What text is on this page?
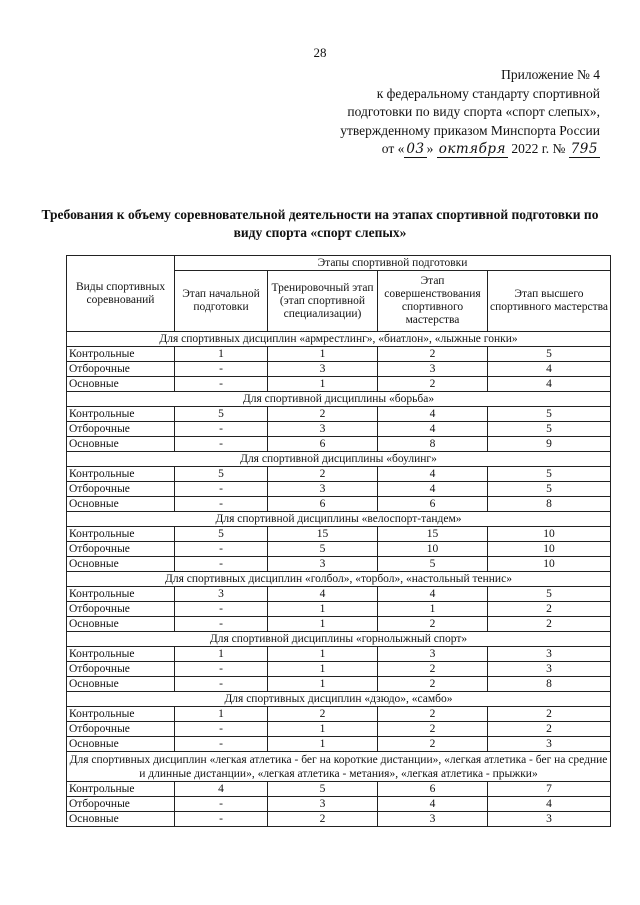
28
Приложение № 4
к федеральному стандарту спортивной
подготовки по виду спорта «спорт слепых»,
утвержденному приказом Минспорта России
от « 03 » октября 2022 г. № 795
Требования к объему соревновательной деятельности на этапах спортивной подготовки по виду спорта «спорт слепых»
Виды спортивных соревнований	Этапы спортивной подготовки			
	Этап начальной подготовки	Тренировочный этап (этап спортивной специализации)	Этап совершенствования спортивного мастерства	Этап высшего спортивного мастерства
Для спортивных дисциплин «армрестлинг», «биатлон», «лыжные гонки»				
Контрольные	1	1	2	5
Отборочные	-	3	3	4
Основные	-	1	2	4
Для спортивной дисциплины «борьба»				
Контрольные	5	2	4	5
Отборочные	-	3	4	5
Основные	-	6	8	9
Для спортивной дисциплины «боулинг»				
Контрольные	5	2	4	5
Отборочные	-	3	4	5
Основные	-	6	6	8
Для спортивной дисциплины «велоспорт-тандем»				
Контрольные	5	15	15	10
Отборочные	-	5	10	10
Основные	-	3	5	10
Для спортивных дисциплин «голбол», «торбол», «настольный теннис»				
Контрольные	3	4	4	5
Отборочные	-	1	1	2
Основные	-	1	2	2
Для спортивной дисциплины «горнолыжный спорт»				
Контрольные	1	1	3	3
Отборочные	-	1	2	3
Основные	-	1	2	8
Для спортивных дисциплин «дзюдо», «самбо»				
Контрольные	1	2	2	2
Отборочные	-	1	2	2
Основные	-	1	2	3
Для спортивных дисциплин «легкая атлетика - бег на короткие дистанции», «легкая атлетика - бег на средние и длинные дистанции», «легкая атлетика - метания», «легкая атлетика - прыжки»				
Контрольные	4	5	6	7
Отборочные	-	3	4	4
Основные	-	2	3	3
